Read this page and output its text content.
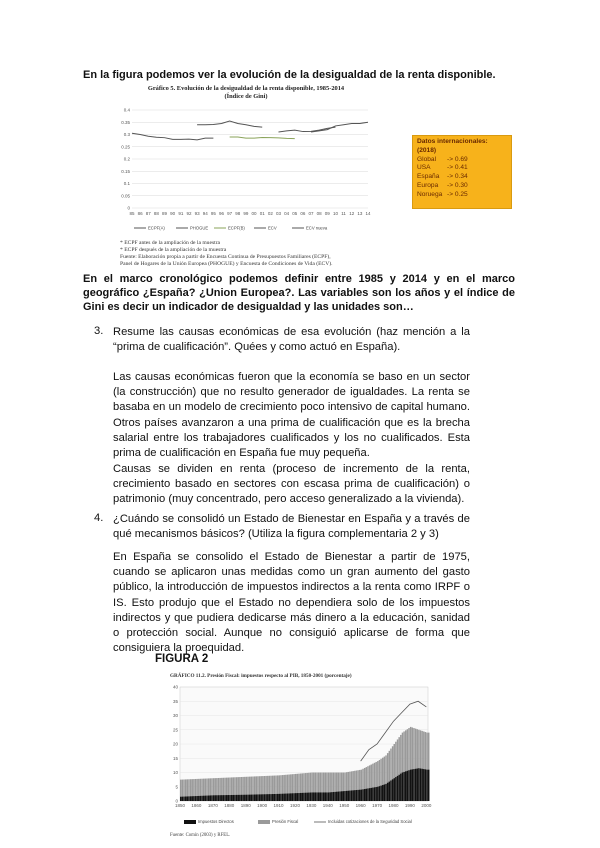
En la figura podemos ver la evolución de la desigualdad de la renta disponible.
Gráfico 5. Evolución de la desigualdad de la renta disponible, 1985-2014
(Índice de Gini)
0
0.05
0.1
0.15
0.2
0.25
0.3
0.35
0.4
85 86 87 88 89 90 91 92 93 94 95 96 97 98 99 00 01 02 03 04 05 06 07 08 09 10 11 12 13 14
ECPF(A)	PHOGUE	ECPF(B)	ECV	ECV nueva
* ECPF antes de la ampliación de la muestra
* ECPF después de la ampliación de la muestra
Fuente: Elaboración propia a partir de Encuesta Continua de Presupuestos Familiares (ECPF),
Panel de Hogares de la Unión Europea (PHOGUE) y Encuesta de Condiciones de Vida (ECV).
Datos internacionales:
(2018)
Global	-> 0.69
USA	-> 0.41
España	-> 0.34
Europa	-> 0.30
Noruega -> 0.25
En el marco cronológico podemos definir entre 1985 y 2014 y en el marco geográfico ¿España? ¿Union Europea?. Las variables son los años y el índice de Gini es decir un indicador de desigualdad y las unidades son…
3. Resume las causas económicas de esa evolución (haz mención a la “prima de cualificación”. Quées y como actuó en España).
Las causas económicas fueron que la economía se baso en un sector (la construcción) que no resulto generador de igualdades. La renta se basaba en un modelo de crecimiento poco intensivo de capital humano. Otros países avanzaron a una prima de cualificación que es la brecha salarial entre los trabajadores cualificados y los no cualificados. Esta prima de cualificación en España fue muy pequeña.
Causas se dividen en renta (proceso de incremento de la renta, crecimiento basado en sectores con escasa prima de cualificación) o patrimonio (muy concentrado, pero acceso generalizado a la vivienda).
4. ¿Cuándo se consolidó un Estado de Bienestar en España y a través de qué mecanismos básicos? (Utiliza la figura complementaria 2 y 3)
En España se consolido el Estado de Bienestar a partir de 1975, cuando se aplicaron unas medidas como un gran aumento del gasto público, la introducción de impuestos indirectos a la renta como IRPF o IS. Esto produjo que el Estado no dependiera solo de los impuestos indirectos y que pudiera dedicarse más dinero a la educación, sanidad o protección social. Aunque no consiguió aplicarse de forma que consiguiera la proequidad.
FIGURA 2
GRÁFICO 11.2. Presión Fiscal: impuestos respecto al PIB, 1850-2001 (porcentaje)
0
5
10
15
20
25
30
35
40
1850 1860 1870 1880 1890 1900 1910 1920 1930 1940 1950 1960 1970 1980 1990 2000
Impuestos Directos	Presión Fiscal	Incluidas cotizaciones de la Seguridad Social
Fuente: Comín (2003) y RFEL.
